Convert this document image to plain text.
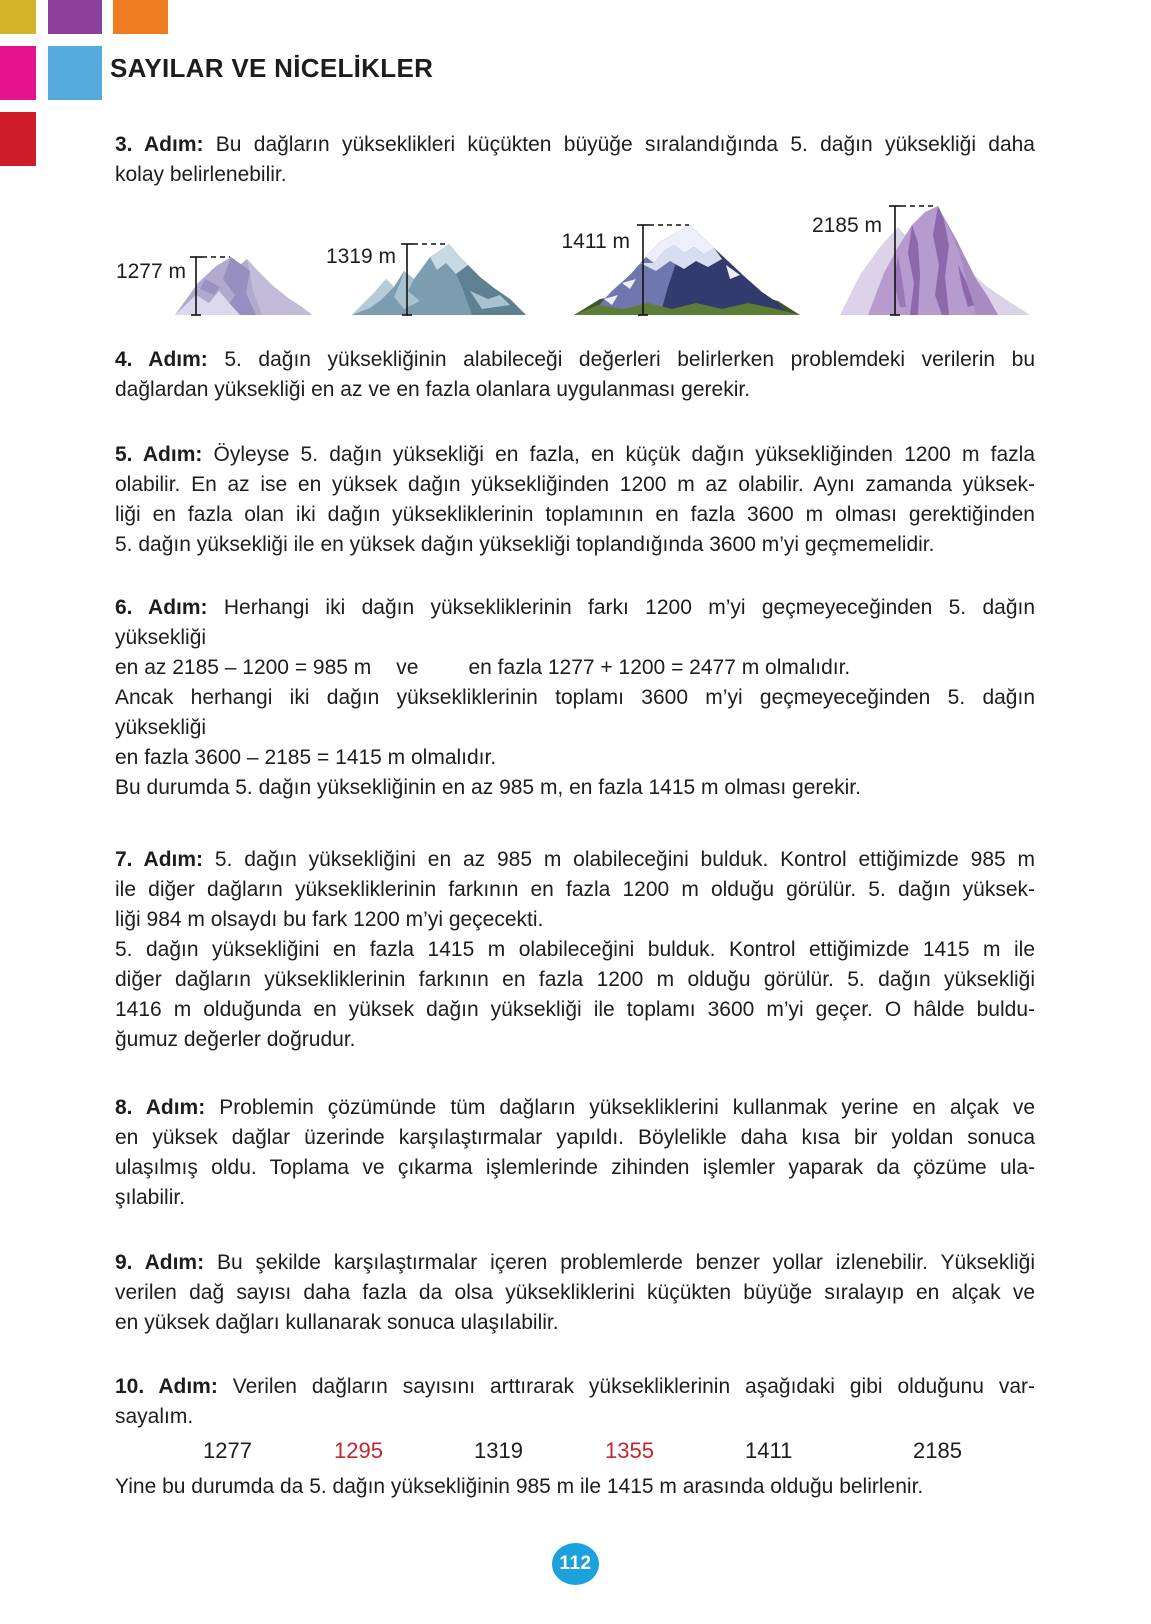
SAYILAR VE NİCELİKLER
1277 m
1319 m
1411 m
2185 m
3. Adım: Bu dağların yükseklikleri küçükten büyüğe sıralandığında 5. dağın yüksekliği daha
kolay belirlenebilir.
4. Adım: 5. dağın yüksekliğinin alabileceği değerleri belirlerken problemdeki verilerin bu
dağlardan yüksekliği en az ve en fazla olanlara uygulanması gerekir.
5. Adım: Öyleyse 5. dağın yüksekliği en fazla, en küçük dağın yüksekliğinden 1200 m fazla
olabilir. En az ise en yüksek dağın yüksekliğinden 1200 m az olabilir. Aynı zamanda yüksek-
liği en fazla olan iki dağın yüksekliklerinin toplamının en fazla 3600 m olması gerektiğinden
5. dağın yüksekliği ile en yüksek dağın yüksekliği toplandığında 3600 m’yi geçmemelidir.
6. Adım: Herhangi iki dağın yüksekliklerinin farkı 1200 m’yi geçmeyeceğinden 5. dağın
yüksekliği
en az 2185 – 1200 = 985 m ve en fazla 1277 + 1200 = 2477 m olmalıdır.
Ancak herhangi iki dağın yüksekliklerinin toplamı 3600 m’yi geçmeyeceğinden 5. dağın
yüksekliği
en fazla 3600 – 2185 = 1415 m olmalıdır.
Bu durumda 5. dağın yüksekliğinin en az 985 m, en fazla 1415 m olması gerekir.
7. Adım: 5. dağın yüksekliğini en az 985 m olabileceğini bulduk. Kontrol ettiğimizde 985 m
ile diğer dağların yüksekliklerinin farkının en fazla 1200 m olduğu görülür. 5. dağın yüksek-
liği 984 m olsaydı bu fark 1200 m’yi geçecekti.
5. dağın yüksekliğini en fazla 1415 m olabileceğini bulduk. Kontrol ettiğimizde 1415 m ile
diğer dağların yüksekliklerinin farkının en fazla 1200 m olduğu görülür. 5. dağın yüksekliği
1416 m olduğunda en yüksek dağın yüksekliği ile toplamı 3600 m’yi geçer. O hâlde buldu-
ğumuz değerler doğrudur.
8. Adım: Problemin çözümünde tüm dağların yüksekliklerini kullanmak yerine en alçak ve
en yüksek dağlar üzerinde karşılaştırmalar yapıldı. Böylelikle daha kısa bir yoldan sonuca
ulaşılmış oldu. Toplama ve çıkarma işlemlerinde zihinden işlemler yaparak da çözüme ula-
şılabilir.
9. Adım: Bu şekilde karşılaştırmalar içeren problemlerde benzer yollar izlenebilir. Yüksekliği
verilen dağ sayısı daha fazla da olsa yüksekliklerini küçükten büyüğe sıralayıp en alçak ve
en yüksek dağları kullanarak sonuca ulaşılabilir.
10. Adım: Verilen dağların sayısını arttırarak yüksekliklerinin aşağıdaki gibi olduğunu var-
sayalım.
1277	1295	1319	1355	1411	2185
Yine bu durumda da 5. dağın yüksekliğinin 985 m ile 1415 m arasında olduğu belirlenir.
112
